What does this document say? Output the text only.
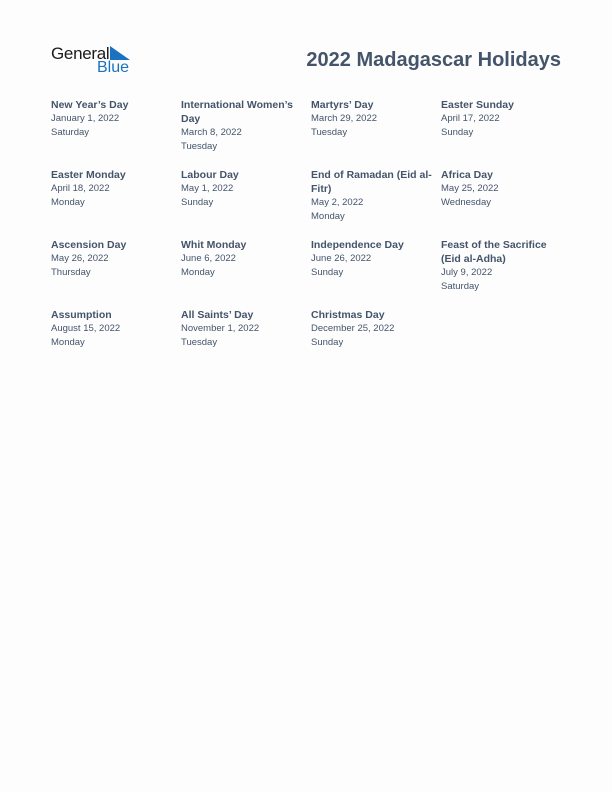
General
Blue	2022 Madagascar Holidays
New Year’s Day
January 1, 2022
Saturday
International Women’s Day
March 8, 2022
Tuesday
Martyrs’ Day
March 29, 2022
Tuesday
Easter Sunday
April 17, 2022
Sunday
Easter Monday
April 18, 2022
Monday
Labour Day
May 1, 2022
Sunday
End of Ramadan (Eid al-Fitr)
May 2, 2022
Monday
Africa Day
May 25, 2022
Wednesday
Ascension Day
May 26, 2022
Thursday
Whit Monday
June 6, 2022
Monday
Independence Day
June 26, 2022
Sunday
Feast of the Sacrifice (Eid al-Adha)
July 9, 2022
Saturday
Assumption
August 15, 2022
Monday
All Saints’ Day
November 1, 2022
Tuesday
Christmas Day
December 25, 2022
Sunday
